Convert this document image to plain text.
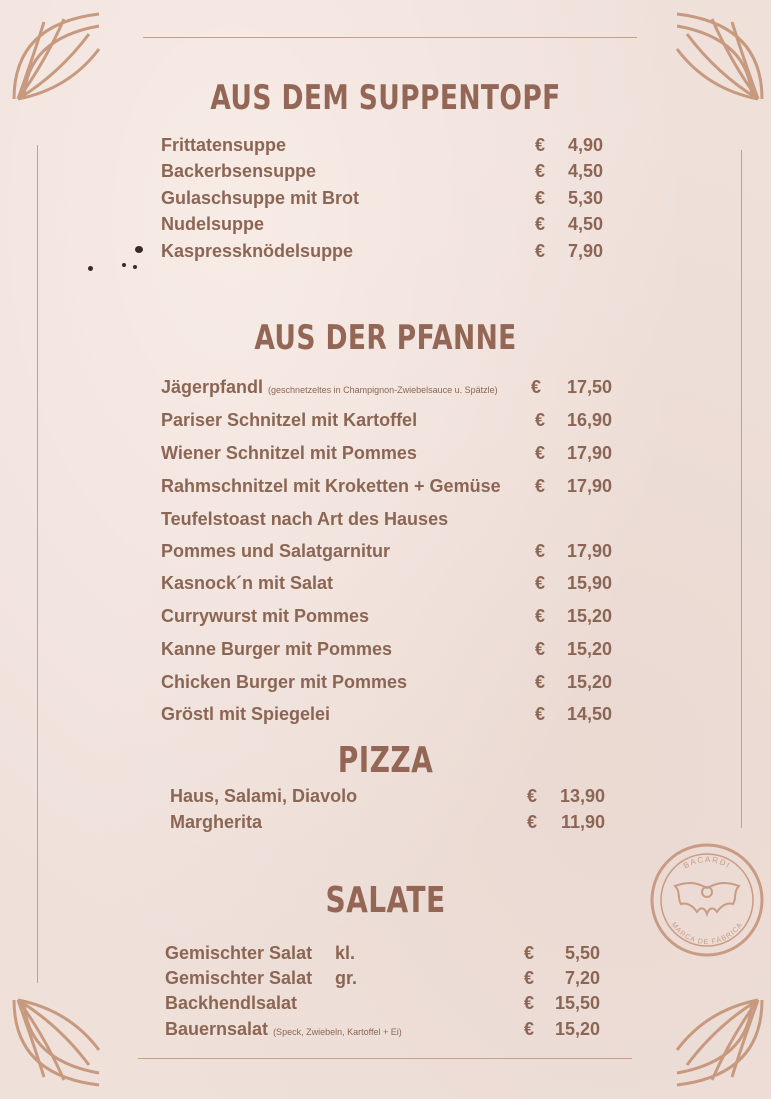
AUS DEM SUPPENTOPF
Frittatensuppe	€	4,90
Backerbsensuppe	€	4,50
Gulaschsuppe mit Brot	€	5,30
Nudelsuppe	€	4,50
Kaspressknödelsuppe	€	7,90
AUS DER PFANNE
Jägerpfandl (geschnetzeltes in Champignon-Zwiebelsauce u. Spätzle) €	17,50
Pariser Schnitzel mit Kartoffel	€	16,90
Wiener Schnitzel mit Pommes	€	17,90
Rahmschnitzel mit Kroketten + Gemüse €	17,90
Teufelstoast nach Art des Hauses
Pommes und Salatgarnitur	€	17,90
Kasnock´n mit Salat	€	15,90
Currywurst mit Pommes	€	15,20
Kanne Burger mit Pommes	€	15,20
Chicken Burger mit Pommes	€	15,20
Gröstl mit Spiegelei	€	14,50
PIZZA
Haus, Salami, Diavolo	€	13,90
Margherita	€	11,90
SALATE
Gemischter Salat kl.	€	5,50
Gemischter Salat gr.	€	7,20
Backhendlsalat	€	15,50
Bauernsalat (Speck, Zwiebeln, Kartoffel + Ei)	€	15,20
BACARDI
MARCA DE FÁBRICA
